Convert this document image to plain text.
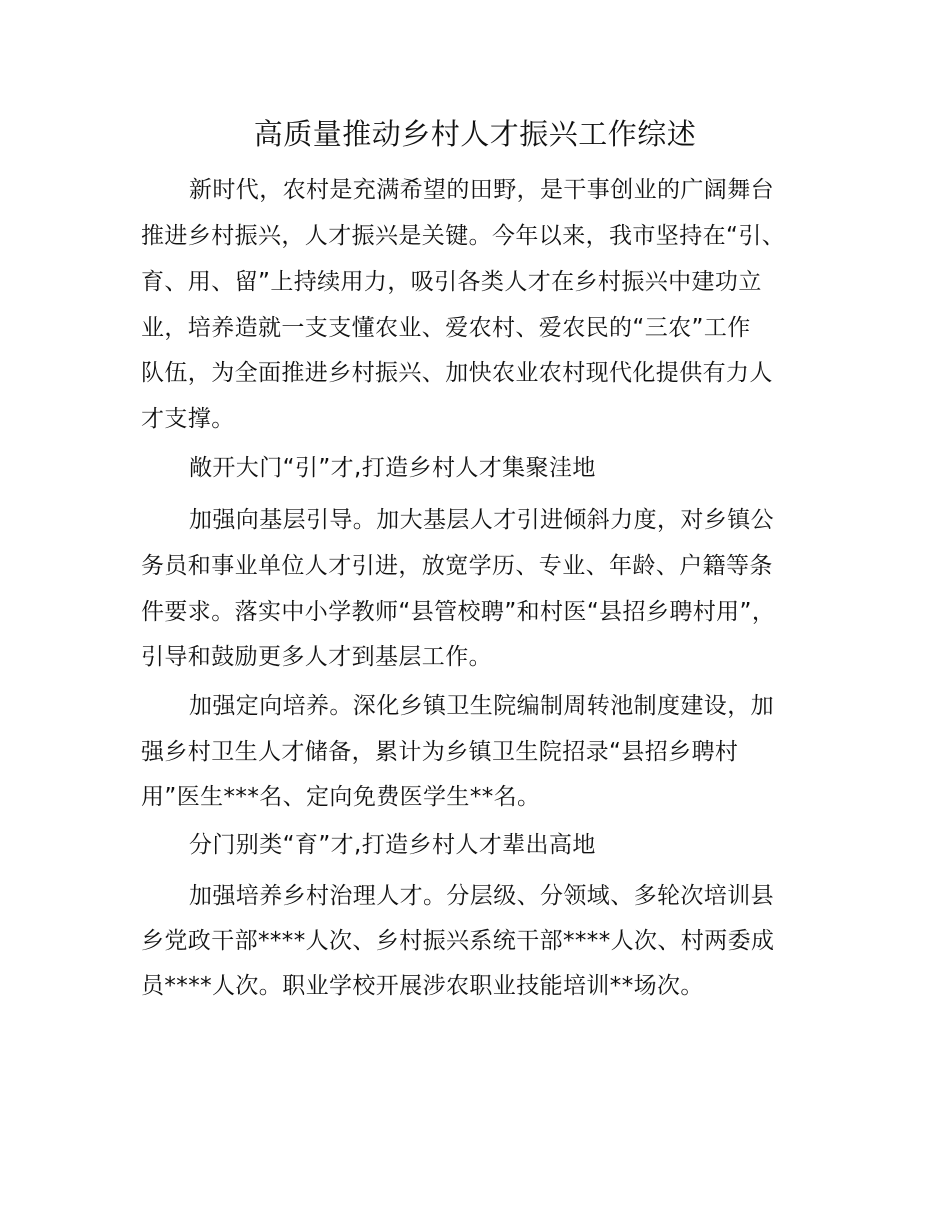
高质量推动乡村人才振兴工作综述
新时代，农村是充满希望的田野，是干事创业的广阔舞台
推进乡村振兴，人才振兴是关键。今年以来，我市坚持在“引、
育、用、留”上持续用力，吸引各类人才在乡村振兴中建功立
业，培养造就一支支懂农业、爱农村、爱农民的“三农”工作
队伍，为全面推进乡村振兴、加快农业农村现代化提供有力人
才支撑。
敞开大门“引”才,打造乡村人才集聚洼地
加强向基层引导。加大基层人才引进倾斜力度，对乡镇公
务员和事业单位人才引进，放宽学历、专业、年龄、户籍等条
件要求。落实中小学教师“县管校聘”和村医“县招乡聘村用”，
引导和鼓励更多人才到基层工作。
加强定向培养。深化乡镇卫生院编制周转池制度建设，加
强乡村卫生人才储备，累计为乡镇卫生院招录“县招乡聘村
用”医生***名、定向免费医学生**名。
分门别类“育”才,打造乡村人才辈出高地
加强培养乡村治理人才。分层级、分领域、多轮次培训县
乡党政干部****人次、乡村振兴系统干部****人次、村两委成
员****人次。职业学校开展涉农职业技能培训**场次。
